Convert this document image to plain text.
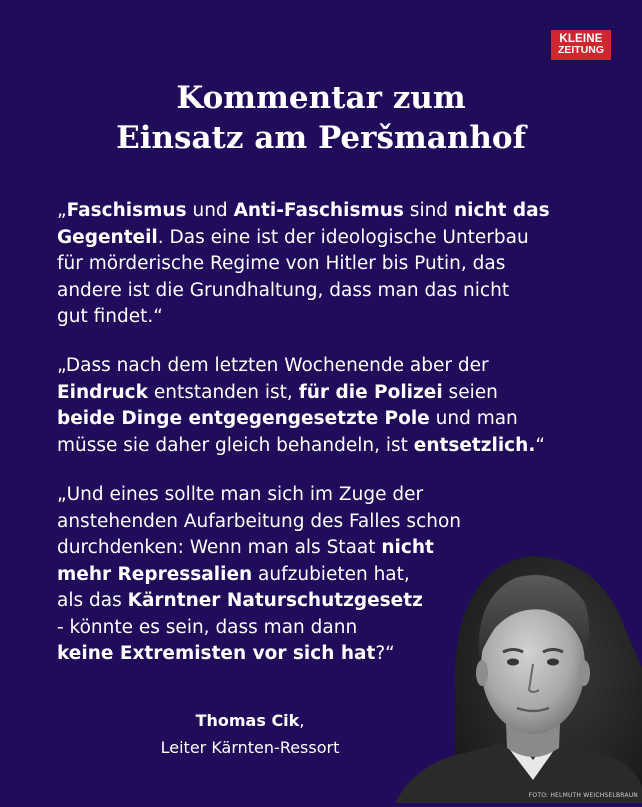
KLEINE
ZEITUNG
Kommentar zum
Einsatz am Peršmanhof
„Faschismus und Anti-Faschismus sind nicht das
Gegenteil. Das eine ist der ideologische Unterbau
für mörderische Regime von Hitler bis Putin, das
andere ist die Grundhaltung, dass man das nicht
gut findet.“
„Dass nach dem letzten Wochenende aber der
Eindruck entstanden ist, für die Polizei seien
beide Dinge entgegengesetzte Pole und man
müsse sie daher gleich behandeln, ist entsetzlich.“
„Und eines sollte man sich im Zuge der
anstehenden Aufarbeitung des Falles schon
durchdenken: Wenn man als Staat nicht
mehr Repressalien aufzubieten hat,
als das Kärntner Naturschutzgesetz
- könnte es sein, dass man dann
keine Extremisten vor sich hat?“
FOTO: HELMUTH WEICHSELBRAUN
Thomas Cik,
Leiter Kärnten-Ressort
